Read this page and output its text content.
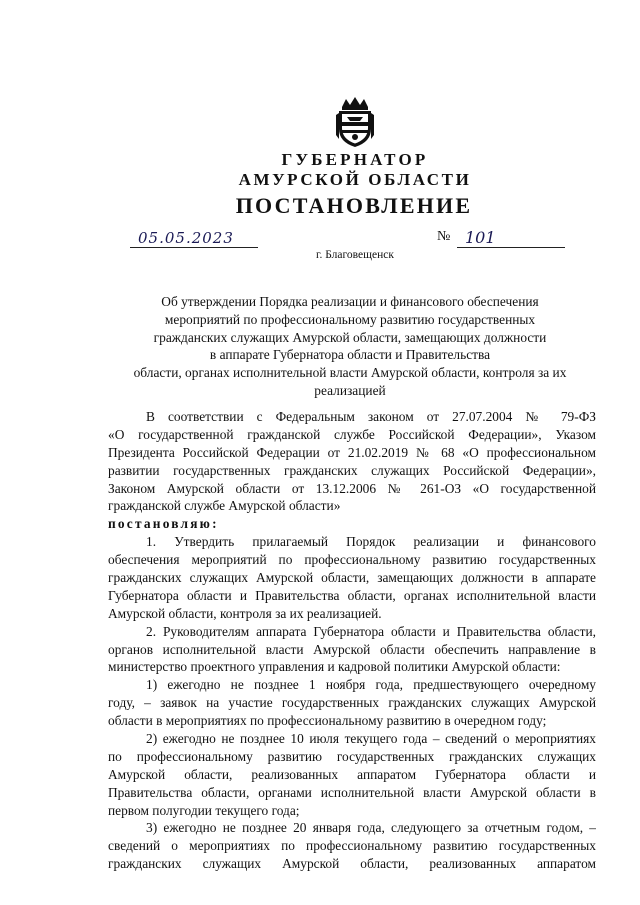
ГУБЕРНАТОР
АМУРСКОЙ ОБЛАСТИ
ПОСТАНОВЛЕНИЕ
05.05.2023	№ 101
г. Благовещенск
Об утверждении Порядка реализации и финансового обеспечения
мероприятий по профессиональному развитию государственных
гражданских служащих Амурской области, замещающих должности
в аппарате Губернатора области и Правительства
области, органах исполнительной власти Амурской области, контроля за их
реализацией
В соответствии с Федеральным законом от 27.07.2004 № 79-ФЗ
«О государственной гражданской службе Российской Федерации», Указом
Президента Российской Федерации от 21.02.2019 № 68 «О профессиональном
развитии государственных гражданских служащих Российской Федерации»,
Законом Амурской области от 13.12.2006 № 261-ОЗ «О государственной
гражданской службе Амурской области»
постановляю:
1. Утвердить прилагаемый Порядок реализации и финансового
обеспечения мероприятий по профессиональному развитию государственных
гражданских служащих Амурской области, замещающих должности в аппарате
Губернатора области и Правительства области, органах исполнительной власти
Амурской области, контроля за их реализацией.
2. Руководителям аппарата Губернатора области и Правительства области,
органов исполнительной власти Амурской области обеспечить направление в
министерство проектного управления и кадровой политики Амурской области:
1) ежегодно не позднее 1 ноября года, предшествующего очередному
году, – заявок на участие государственных гражданских служащих Амурской
области в мероприятиях по профессиональному развитию в очередном году;
2) ежегодно не позднее 10 июля текущего года – сведений о мероприятиях
по профессиональному развитию государственных гражданских служащих
Амурской области, реализованных аппаратом Губернатора области и
Правительства области, органами исполнительной власти Амурской области в
первом полугодии текущего года;
3) ежегодно не позднее 20 января года, следующего за отчетным годом, –
сведений о мероприятиях по профессиональному развитию государственных
гражданских служащих Амурской области, реализованных аппаратом
